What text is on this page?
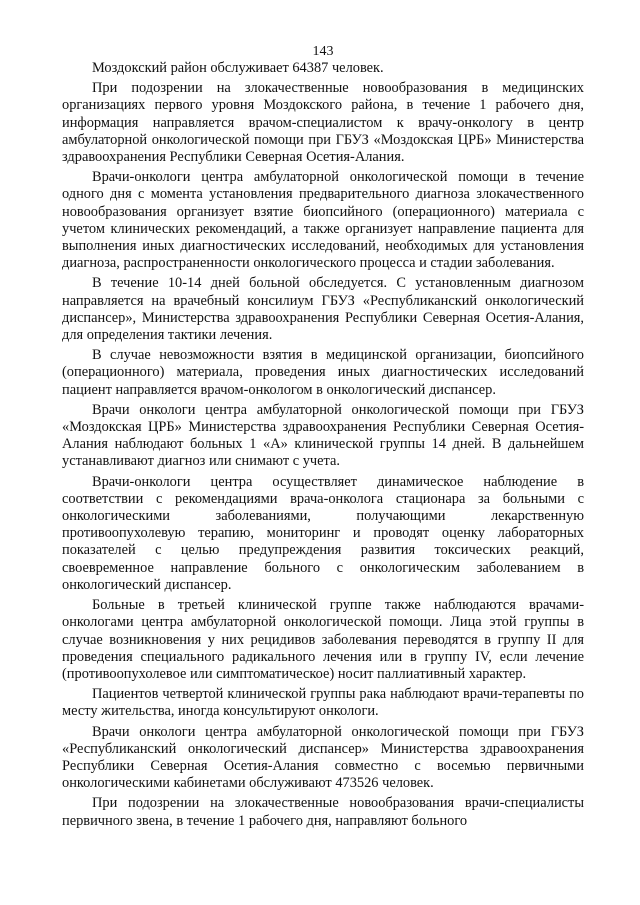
143

Моздокский район обслуживает 64387 человек.

При подозрении на злокачественные новообразования в медицинских организациях первого уровня Моздокского района, в течение 1 рабочего дня, информация направляется врачом-специалистом к врачу-онкологу в центр амбулаторной онкологической помощи при ГБУЗ «Моздокская ЦРБ» Министерства здравоохранения Республики Северная Осетия-Алания.

Врачи-онкологи центра амбулаторной онкологической помощи в течение одного дня с момента установления предварительного диагноза злокачественного новообразования организует взятие биопсийного (операционного) материала с учетом клинических рекомендаций, а также организует направление пациента для выполнения иных диагностических исследований, необходимых для установления диагноза, распространенности онкологического процесса и стадии заболевания.

В течение 10-14 дней больной обследуется. С установленным диагнозом направляется на врачебный консилиум ГБУЗ «Республиканский онкологический диспансер», Министерства здравоохранения Республики Северная Осетия-Алания, для определения тактики лечения.

В случае невозможности взятия в медицинской организации, биопсийного (операционного) материала, проведения иных диагностических исследований пациент направляется врачом-онкологом в онкологический диспансер.

Врачи онкологи центра амбулаторной онкологической помощи при ГБУЗ «Моздокская ЦРБ» Министерства здравоохранения Республики Северная Осетия-Алания наблюдают больных 1 «А» клинической группы 14 дней. В дальнейшем устанавливают диагноз или снимают с учета.

Врачи-онкологи центра осуществляет динамическое наблюдение в соответствии с рекомендациями врача-онколога стационара за больными с онкологическими заболеваниями, получающими лекарственную противоопухолевую терапию, мониторинг и проводят оценку лабораторных показателей с целью предупреждения развития токсических реакций, своевременное направление больного с онкологическим заболеванием в онкологический диспансер.

Больные в третьей клинической группе также наблюдаются врачами-онкологами центра амбулаторной онкологической помощи. Лица этой группы в случае возникновения у них рецидивов заболевания переводятся в группу II для проведения специального радикального лечения или в группу IV, если лечение (противоопухолевое или симптоматическое) носит паллиативный характер.

Пациентов четвертой клинической группы рака наблюдают врачи-терапевты по месту жительства, иногда консультируют онкологи.

Врачи онкологи центра амбулаторной онкологической помощи при ГБУЗ «Республиканский онкологический диспансер» Министерства здравоохранения Республики Северная Осетия-Алания совместно с восемью первичными онкологическими кабинетами обслуживают 473526 человек.

При подозрении на злокачественные новообразования врачи-специалисты первичного звена, в течение 1 рабочего дня, направляют больного
